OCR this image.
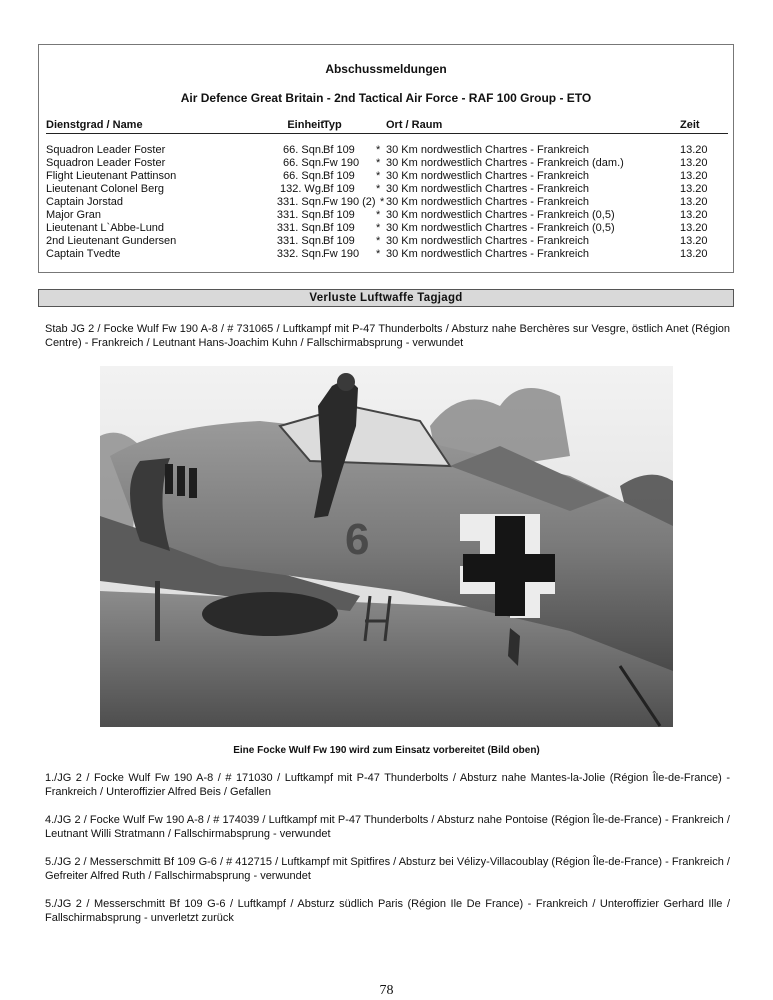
Abschussmeldungen
Air Defence Great Britain - 2nd Tactical Air Force - RAF 100 Group - ETO
Dienstgrad / Name	Einheit Typ	Ort / Raum	Zeit
Squadron Leader Foster	66. Sqn. Bf 109 * 30 Km nordwestlich Chartres - Frankreich	13.20
Squadron Leader Foster	66. Sqn. Fw 190 * 30 Km nordwestlich Chartres - Frankreich (dam.)	13.20
Flight Lieutenant Pattinson	66. Sqn. Bf 109 * 30 Km nordwestlich Chartres - Frankreich	13.20
Lieutenant Colonel Berg	132. Wg. Bf 109 * 30 Km nordwestlich Chartres - Frankreich	13.20
Captain Jorstad	331. Sqn. Fw 190 (2) * 30 Km nordwestlich Chartres - Frankreich	13.20
Major Gran	331. Sqn. Bf 109 * 30 Km nordwestlich Chartres - Frankreich (0,5)	13.20
Lieutenant L`Abbe-Lund	331. Sqn. Bf 109 * 30 Km nordwestlich Chartres - Frankreich (0,5)	13.20
2nd Lieutenant Gundersen	331. Sqn. Bf 109 * 30 Km nordwestlich Chartres - Frankreich	13.20
Captain Tvedte	332. Sqn. Fw 190 * 30 Km nordwestlich Chartres - Frankreich	13.20
Verluste Luftwaffe Tagjagd
Stab JG 2 / Focke Wulf Fw 190 A-8 / # 731065 / Luftkampf mit P-47 Thunderbolts / Absturz nahe Berchères sur Vesgre, östlich Anet (Région Centre) - Frankreich / Leutnant Hans-Joachim Kuhn / Fallschirmabsprung - verwundet
6
Eine Focke Wulf Fw 190 wird zum Einsatz vorbereitet (Bild oben)
1./JG 2 / Focke Wulf Fw 190 A-8 / # 171030 / Luftkampf mit P-47 Thunderbolts / Absturz nahe Mantes-la-Jolie (Région Île-de-France) - Frankreich / Unteroffizier Alfred Beis / Gefallen
4./JG 2 / Focke Wulf Fw 190 A-8 / # 174039 / Luftkampf mit P-47 Thunderbolts / Absturz nahe Pontoise (Région Île-de-France) - Frankreich / Leutnant Willi Stratmann / Fallschirmabsprung - verwundet
5./JG 2 / Messerschmitt Bf 109 G-6 / # 412715 / Luftkampf mit Spitfires / Absturz bei Vélizy-Villacoublay (Région Île-de-France) - Frankreich / Gefreiter Alfred Ruth / Fallschirmabsprung - verwundet
5./JG 2 / Messerschmitt Bf 109 G-6 / Luftkampf / Absturz südlich Paris (Région Ile De France) - Frankreich / Unteroffizier Gerhard Ille / Fallschirmabsprung - unverletzt zurück
78
